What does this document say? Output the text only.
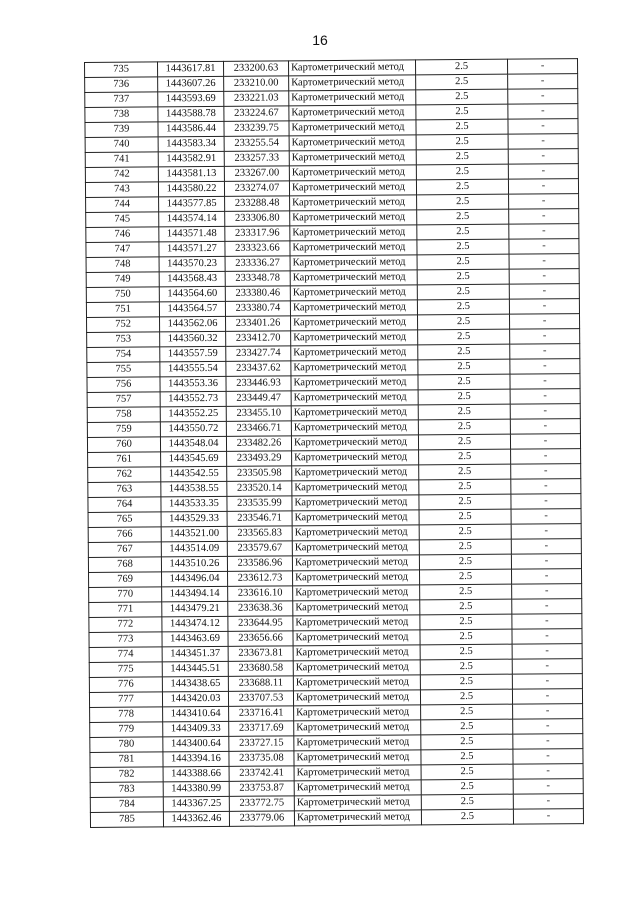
16
735	1443617.81	233200.63	Картометрический метод	2.5	-
736	1443607.26	233210.00	Картометрический метод	2.5	-
737	1443593.69	233221.03	Картометрический метод	2.5	-
738	1443588.78	233224.67	Картометрический метод	2.5	-
739	1443586.44	233239.75	Картометрический метод	2.5	-
740	1443583.34	233255.54	Картометрический метод	2.5	-
741	1443582.91	233257.33	Картометрический метод	2.5	-
742	1443581.13	233267.00	Картометрический метод	2.5	-
743	1443580.22	233274.07	Картометрический метод	2.5	-
744	1443577.85	233288.48	Картометрический метод	2.5	-
745	1443574.14	233306.80	Картометрический метод	2.5	-
746	1443571.48	233317.96	Картометрический метод	2.5	-
747	1443571.27	233323.66	Картометрический метод	2.5	-
748	1443570.23	233336.27	Картометрический метод	2.5	-
749	1443568.43	233348.78	Картометрический метод	2.5	-
750	1443564.60	233380.46	Картометрический метод	2.5	-
751	1443564.57	233380.74	Картометрический метод	2.5	-
752	1443562.06	233401.26	Картометрический метод	2.5	-
753	1443560.32	233412.70	Картометрический метод	2.5	-
754	1443557.59	233427.74	Картометрический метод	2.5	-
755	1443555.54	233437.62	Картометрический метод	2.5	-
756	1443553.36	233446.93	Картометрический метод	2.5	-
757	1443552.73	233449.47	Картометрический метод	2.5	-
758	1443552.25	233455.10	Картометрический метод	2.5	-
759	1443550.72	233466.71	Картометрический метод	2.5	-
760	1443548.04	233482.26	Картометрический метод	2.5	-
761	1443545.69	233493.29	Картометрический метод	2.5	-
762	1443542.55	233505.98	Картометрический метод	2.5	-
763	1443538.55	233520.14	Картометрический метод	2.5	-
764	1443533.35	233535.99	Картометрический метод	2.5	-
765	1443529.33	233546.71	Картометрический метод	2.5	-
766	1443521.00	233565.83	Картометрический метод	2.5	-
767	1443514.09	233579.67	Картометрический метод	2.5	-
768	1443510.26	233586.96	Картометрический метод	2.5	-
769	1443496.04	233612.73	Картометрический метод	2.5	-
770	1443494.14	233616.10	Картометрический метод	2.5	-
771	1443479.21	233638.36	Картометрический метод	2.5	-
772	1443474.12	233644.95	Картометрический метод	2.5	-
773	1443463.69	233656.66	Картометрический метод	2.5	-
774	1443451.37	233673.81	Картометрический метод	2.5	-
775	1443445.51	233680.58	Картометрический метод	2.5	-
776	1443438.65	233688.11	Картометрический метод	2.5	-
777	1443420.03	233707.53	Картометрический метод	2.5	-
778	1443410.64	233716.41	Картометрический метод	2.5	-
779	1443409.33	233717.69	Картометрический метод	2.5	-
780	1443400.64	233727.15	Картометрический метод	2.5	-
781	1443394.16	233735.08	Картометрический метод	2.5	-
782	1443388.66	233742.41	Картометрический метод	2.5	-
783	1443380.99	233753.87	Картометрический метод	2.5	-
784	1443367.25	233772.75	Картометрический метод	2.5	-
785	1443362.46	233779.06	Картометрический метод	2.5	-
